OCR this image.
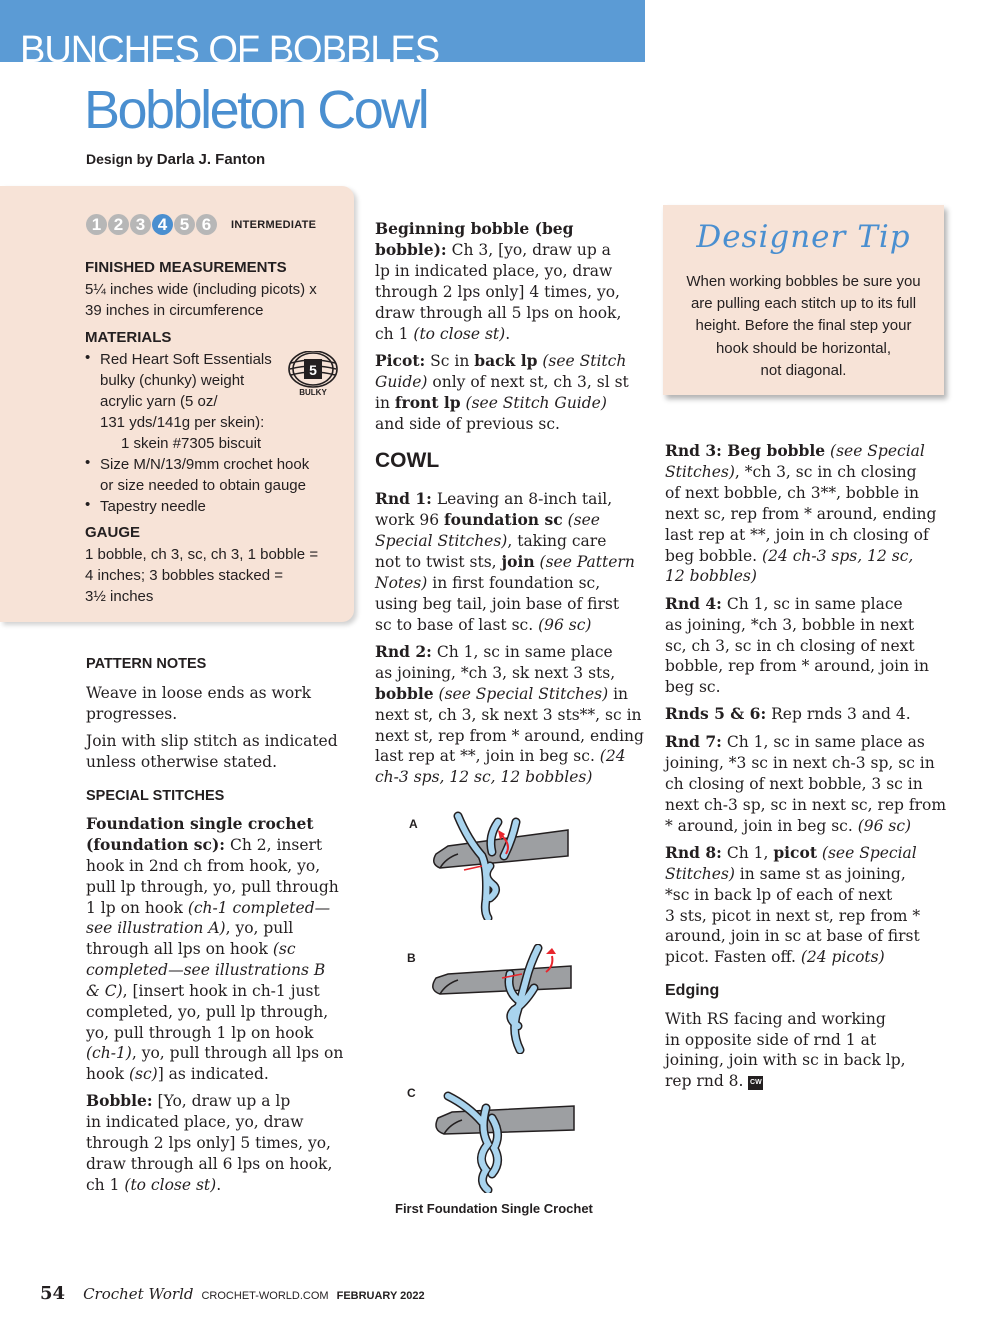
BUNCHES OF BOBBLES
Bobbleton Cowl
Design by Darla J. Fanton
1 2 3 4 5 6	INTERMEDIATE
FINISHED MEASUREMENTS
5¼ inches wide (including picots) x
39 inches in circumference
MATERIALS
• Red Heart Soft Essentials
bulky (chunky) weight
acrylic yarn (5 oz/
131 yds/141g per skein):
1 skein #7305 biscuit
• Size M/N/13/9mm crochet hook
or size needed to obtain gauge
• Tapestry needle
5
BULKY
GAUGE
1 bobble, ch 3, sc, ch 3, 1 bobble =
4 inches; 3 bobbles stacked =
3½ inches
PATTERN NOTES
Weave in loose ends as work
progresses.
Join with slip stitch as indicated
unless otherwise stated.
SPECIAL STITCHES
Foundation single crochet
(foundation sc): Ch 2, insert
hook in 2nd ch from hook, yo,
pull lp through, yo, pull through
1 lp on hook (ch-1 completed—
see illustration A), yo, pull
through all lps on hook (sc
completed—see illustrations B
& C), [insert hook in ch-1 just
completed, yo, pull lp through,
yo, pull through 1 lp on hook
(ch-1), yo, pull through all lps on
hook (sc)] as indicated.
Bobble: [Yo, draw up a lp
in indicated place, yo, draw
through 2 lps only] 5 times, yo,
draw through all 6 lps on hook,
ch 1 (to close st).
Beginning bobble (beg
bobble): Ch 3, [yo, draw up a
lp in indicated place, yo, draw
through 2 lps only] 4 times, yo,
draw through all 5 lps on hook,
ch 1 (to close st).
Picot: Sc in back lp (see Stitch
Guide) only of next st, ch 3, sl st
in front lp (see Stitch Guide)
and side of previous sc.
COWL
Rnd 1: Leaving an 8-inch tail,
work 96 foundation sc (see
Special Stitches), taking care
not to twist sts, join (see Pattern
Notes) in first foundation sc,
using beg tail, join base of first
sc to base of last sc. (96 sc)
Rnd 2: Ch 1, sc in same place
as joining, *ch 3, sk next 3 sts,
bobble (see Special Stitches) in
next st, ch 3, sk next 3 sts**, sc in
next st, rep from * around, ending
last rep at **, join in beg sc. (24
ch-3 sps, 12 sc, 12 bobbles)
A
B
C
First Foundation Single Crochet
Designer Tip
When working bobbles be sure you
are pulling each stitch up to its full
height. Before the final step your
hook should be horizontal,
not diagonal.
Rnd 3: Beg bobble (see Special
Stitches), *ch 3, sc in ch closing
of next bobble, ch 3**, bobble in
next sc, rep from * around, ending
last rep at **, join in ch closing of
beg bobble. (24 ch-3 sps, 12 sc,
12 bobbles)
Rnd 4: Ch 1, sc in same place
as joining, *ch 3, bobble in next
sc, ch 3, sc in ch closing of next
bobble, rep from * around, join in
beg sc.
Rnds 5 & 6: Rep rnds 3 and 4.
Rnd 7: Ch 1, sc in same place as
joining, *3 sc in next ch-3 sp, sc in
ch closing of next bobble, 3 sc in
next ch-3 sp, sc in next sc, rep from
* around, join in beg sc. (96 sc)
Rnd 8: Ch 1, picot (see Special
Stitches) in same st as joining,
*sc in back lp of each of next
3 sts, picot in next st, rep from *
around, join in sc at base of first
picot. Fasten off. (24 picots)
Edging
With RS facing and working
in opposite side of rnd 1 at
joining, join with sc in back lp,
rep rnd 8. CW
54 Crochet World CROCHET-WORLD.COM FEBRUARY 2022
